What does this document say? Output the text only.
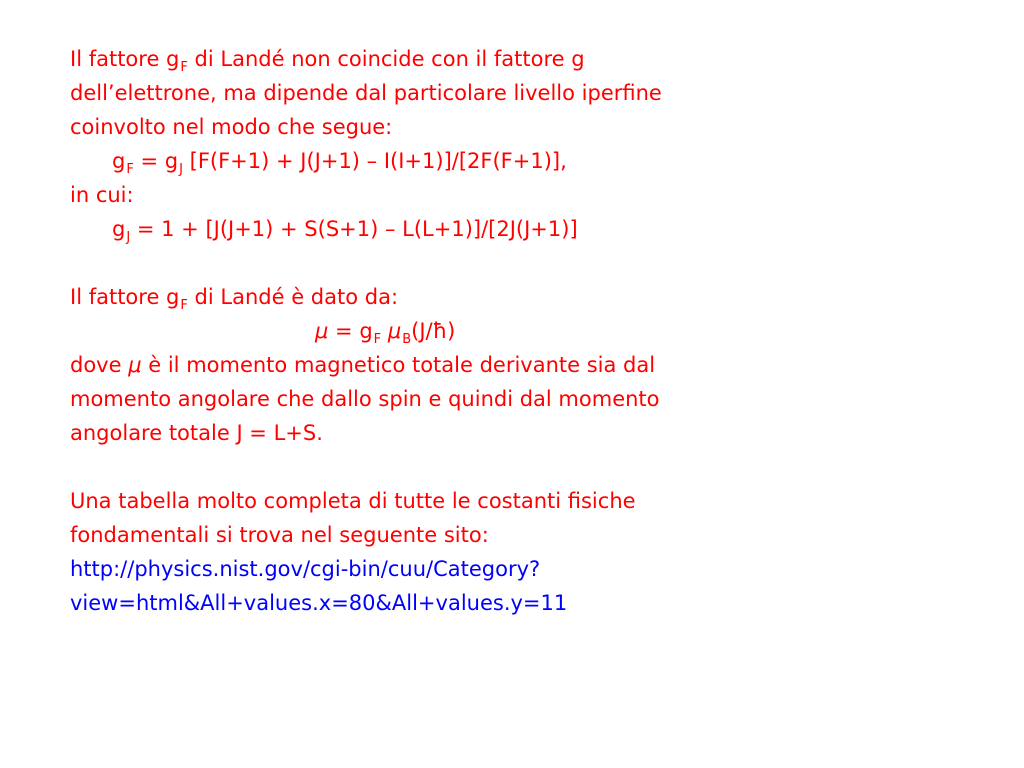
Il fattore $g_F$ di Landé non coincide con il fattore g
dell’elettrone, ma dipende dal particolare livello iperfine
coinvolto nel modo che segue:
$g_F = g_J$ [F(F+1) + J(J+1) – I(I+1)]/[2F(F+1)],
in cui:
$g_J = 1 + [J(J+1) + S(S+1) - L(L+1)]/[2J(J+1)]$
Il fattore $g_F$ di Landé è dato da:
$\mu = g_F$ $\mu_B(J/ħ)$
dove μ è il momento magnetico totale derivante sia dal
momento angolare che dallo spin e quindi dal momento
angolare totale J = L+S.
Una tabella molto completa di tutte le costanti fisiche
fondamentali si trova nel seguente sito:
http://physics.nist.gov/cgi-bin/cuu/Category?
view=html&All+values.x=80&All+values.y=11
